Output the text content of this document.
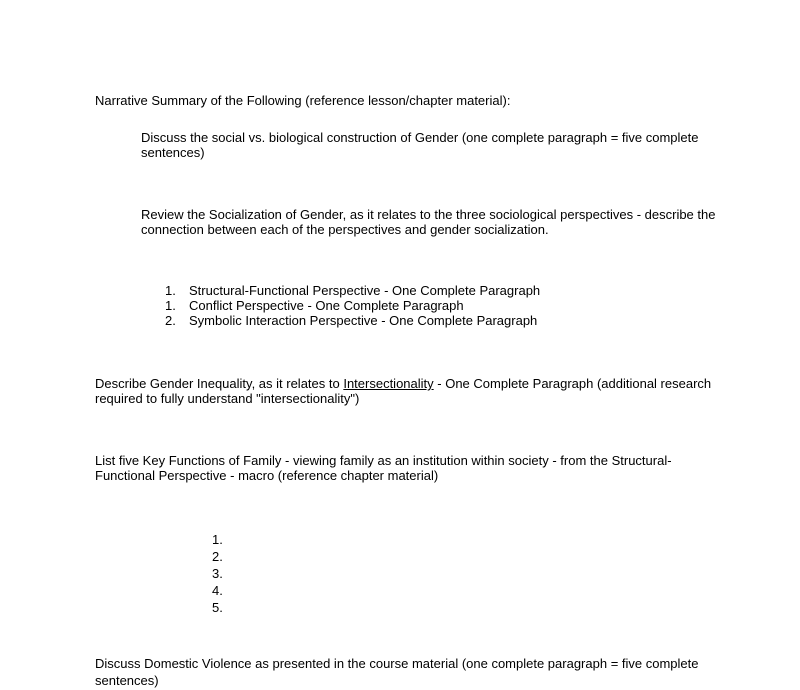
Narrative Summary of the Following (reference lesson/chapter material):

Discuss the social vs. biological construction of Gender (one complete paragraph = five complete sentences)

Review the Socialization of Gender, as it relates to the three sociological perspectives - describe the connection between each of the perspectives and gender socialization.

1. Structural-Functional Perspective - One Complete Paragraph
1. Conflict Perspective - One Complete Paragraph
2. Symbolic Interaction Perspective - One Complete Paragraph

Describe Gender Inequality, as it relates to Intersectionality - One Complete Paragraph (additional research required to fully understand "intersectionality")

List five Key Functions of Family - viewing family as an institution within society - from the Structural-Functional Perspective - macro (reference chapter material)

1.
2.
3.
4.
5.

Discuss Domestic Violence as presented in the course material (one complete paragraph = five complete sentences)
